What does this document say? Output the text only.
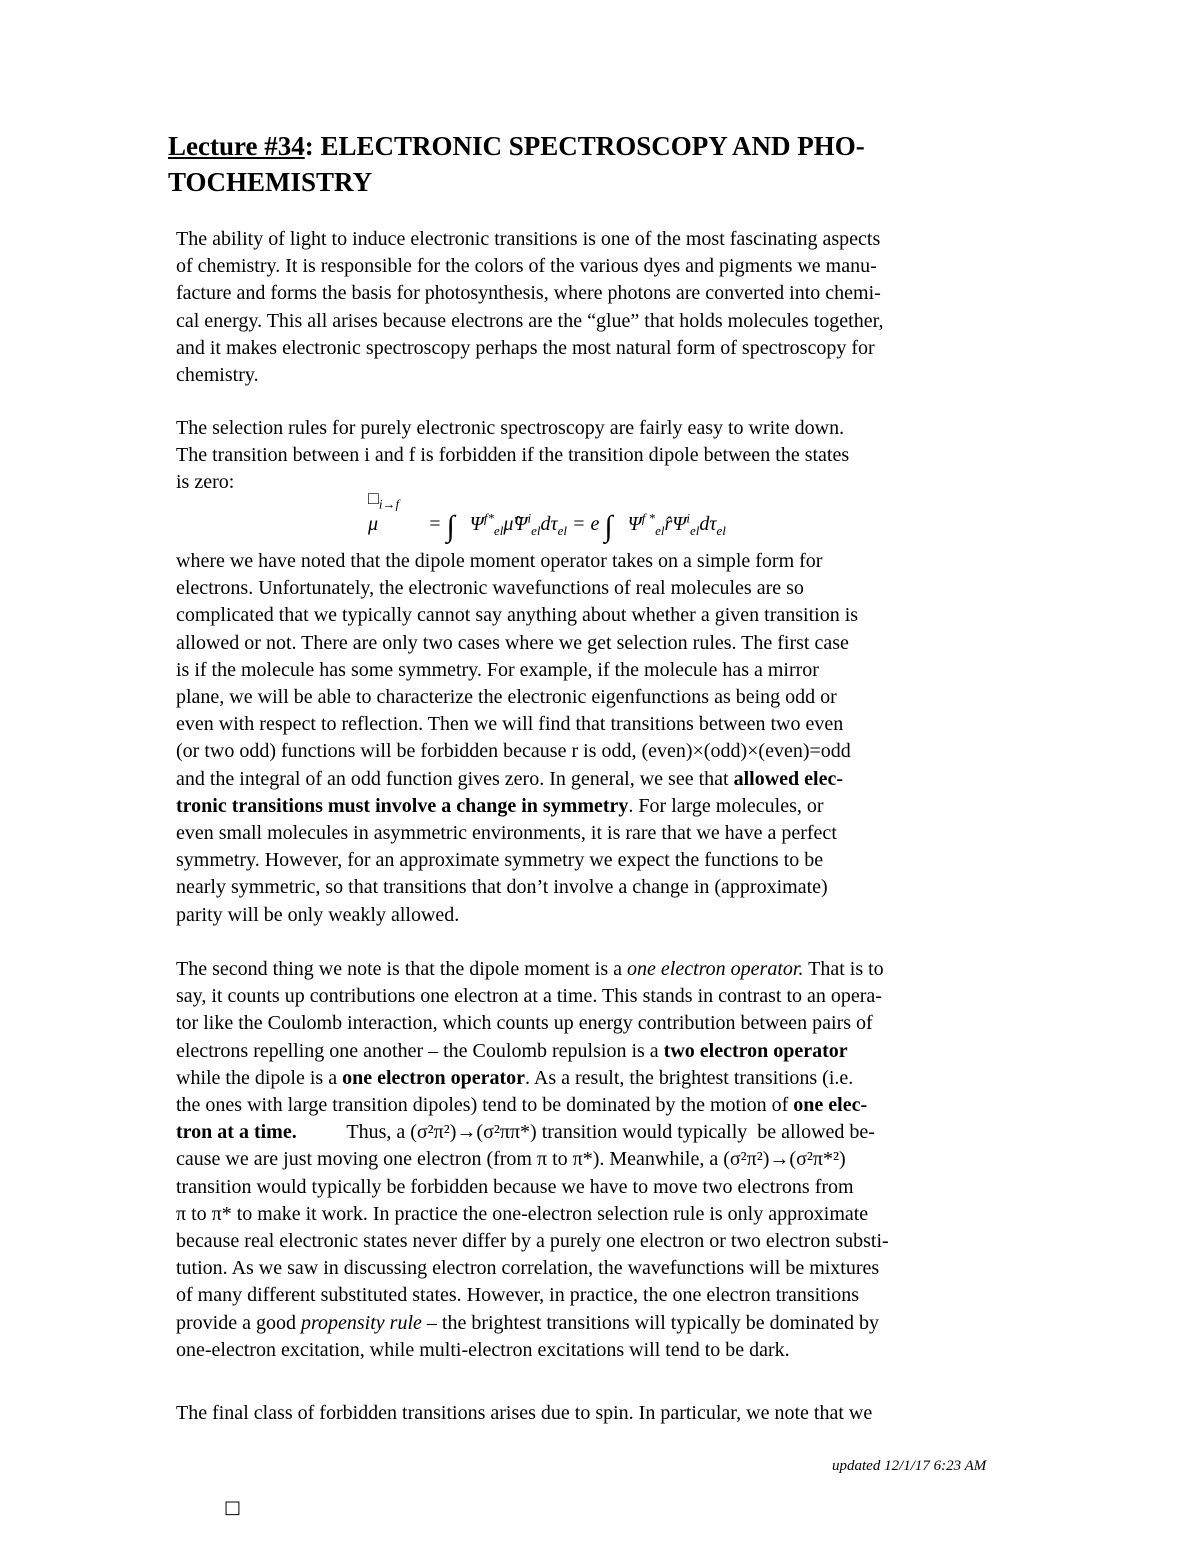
Lecture #34: ELECTRONIC SPECTROSCOPY AND PHO-
TOCHEMISTRY
The ability of light to induce electronic transitions is one of the most fascinating aspects
of chemistry. It is responsible for the colors of the various dyes and pigments we manu-
facture and forms the basis for photosynthesis, where photons are converted into chemi-
cal energy. This all arises because electrons are the “glue” that holds molecules together,
and it makes electronic spectroscopy perhaps the most natural form of spectroscopy for
chemistry.
The selection rules for purely electronic spectroscopy are fairly easy to write down.
The transition between i and f is forbidden if the transition dipole between the states
is zero:
$□_{i\to f}$
μ	= ∫ $\Psi^{f*}_{el}\mû\Psi^i_{el}d\tau_{el} = e$ ∫ $\Psi^{f *}_{el}r̂\Psi^i_{el}d\tau_{el}$
where we have noted that the dipole moment operator takes on a simple form for
electrons. Unfortunately, the electronic wavefunctions of real molecules are so
complicated that we typically cannot say anything about whether a given transition is
allowed or not. There are only two cases where we get selection rules. The first case
is if the molecule has some symmetry. For example, if the molecule has a mirror
plane, we will be able to characterize the electronic eigenfunctions as being odd or
even with respect to reflection. Then we will find that transitions between two even
(or two odd) functions will be forbidden because r is odd, (even)×(odd)×(even)=odd
and the integral of an odd function gives zero. In general, we see that allowed elec-
tronic transitions must involve a change in symmetry. For large molecules, or
even small molecules in asymmetric environments, it is rare that we have a perfect
symmetry. However, for an approximate symmetry we expect the functions to be
nearly symmetric, so that transitions that don’t involve a change in (approximate)
parity will be only weakly allowed.
The second thing we note is that the dipole moment is a one electron operator. That is to
say, it counts up contributions one electron at a time. This stands in contrast to an opera-
tor like the Coulomb interaction, which counts up energy contribution between pairs of
electrons repelling one another – the Coulomb repulsion is a two electron operator
while the dipole is a one electron operator. As a result, the brightest transitions (i.e.
the ones with large transition dipoles) tend to be dominated by the motion of one elec-
tron at a time.          Thus, a (σ²π²)→(σ²ππ*) transition would typically  be allowed be-
cause we are just moving one electron (from π to π*). Meanwhile, a (σ²π²)→(σ²π*²)
transition would typically be forbidden because we have to move two electrons from
π to π* to make it work. In practice the one-electron selection rule is only approximate
because real electronic states never differ by a purely one electron or two electron substi-
tution. As we saw in discussing electron correlation, the wavefunctions will be mixtures
of many different substituted states. However, in practice, the one electron transitions
provide a good propensity rule – the brightest transitions will typically be dominated by
one-electron excitation, while multi-electron excitations will tend to be dark.
The final class of forbidden transitions arises due to spin. In particular, we note that we
updated 12/1/17 6:23 AM
□
